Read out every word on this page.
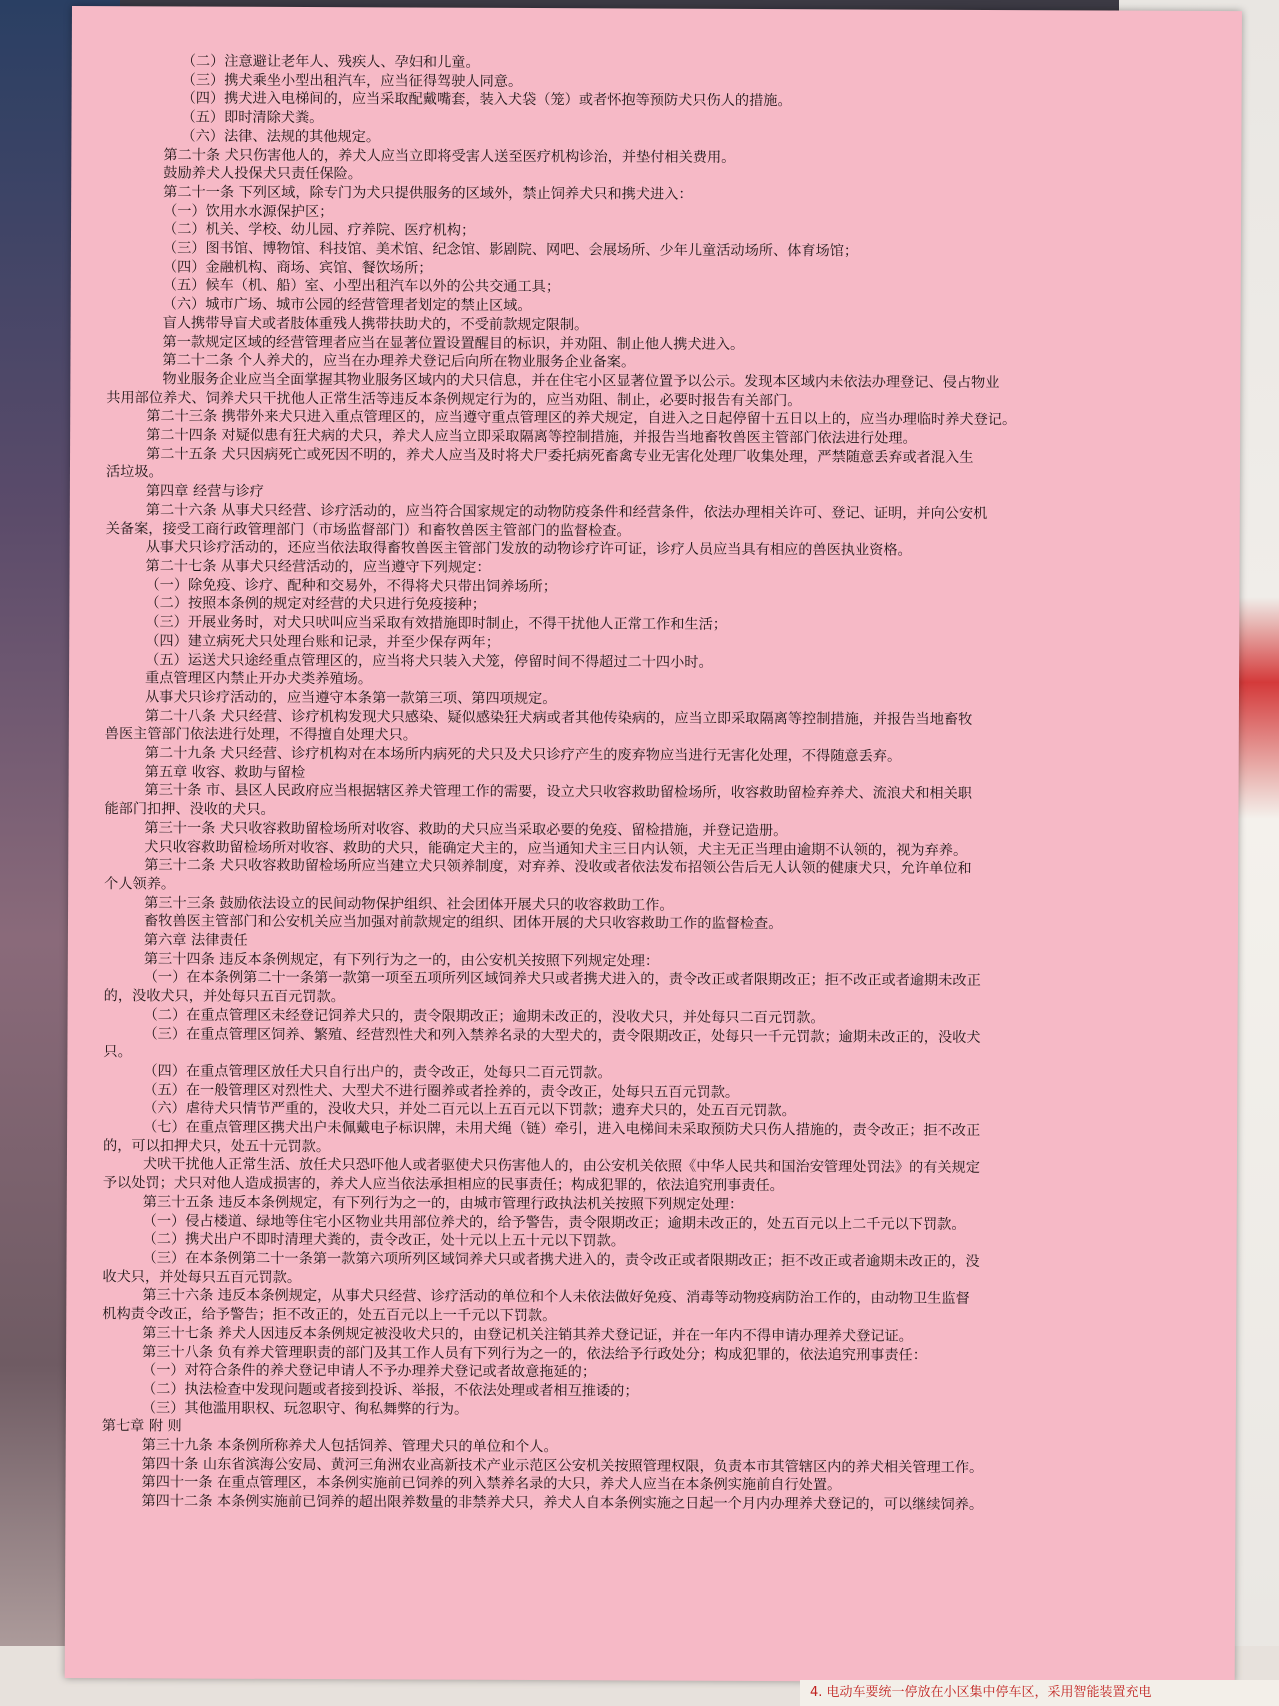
（二）注意避让老年人、残疾人、孕妇和儿童。

（三）携犬乘坐小型出租汽车，应当征得驾驶人同意。

（四）携犬进入电梯间的，应当采取配戴嘴套，装入犬袋（笼）或者怀抱等预防犬只伤人的措施。

（五）即时清除犬粪。

（六）法律、法规的其他规定。

第二十条 犬只伤害他人的，养犬人应当立即将受害人送至医疗机构诊治，并垫付相关费用。

鼓励养犬人投保犬只责任保险。

第二十一条 下列区域，除专门为犬只提供服务的区域外，禁止饲养犬只和携犬进入：

（一）饮用水水源保护区；

（二）机关、学校、幼儿园、疗养院、医疗机构；

（三）图书馆、博物馆、科技馆、美术馆、纪念馆、影剧院、网吧、会展场所、少年儿童活动场所、体育场馆；

（四）金融机构、商场、宾馆、餐饮场所；

（五）候车（机、船）室、小型出租汽车以外的公共交通工具；

（六）城市广场、城市公园的经营管理者划定的禁止区域。

盲人携带导盲犬或者肢体重残人携带扶助犬的，不受前款规定限制。

第一款规定区域的经营管理者应当在显著位置设置醒目的标识，并劝阻、制止他人携犬进入。

第二十二条 个人养犬的，应当在办理养犬登记后向所在物业服务企业备案。

物业服务企业应当全面掌握其物业服务区域内的犬只信息，并在住宅小区显著位置予以公示。发现本区域内未依法办理登记、侵占物业

共用部位养犬、饲养犬只干扰他人正常生活等违反本条例规定行为的，应当劝阻、制止，必要时报告有关部门。

第二十三条 携带外来犬只进入重点管理区的，应当遵守重点管理区的养犬规定，自进入之日起停留十五日以上的，应当办理临时养犬登记。

第二十四条 对疑似患有狂犬病的犬只，养犬人应当立即采取隔离等控制措施，并报告当地畜牧兽医主管部门依法进行处理。

第二十五条 犬只因病死亡或死因不明的，养犬人应当及时将犬尸委托病死畜禽专业无害化处理厂收集处理，严禁随意丢弃或者混入生

活垃圾。

第四章 经营与诊疗

第二十六条 从事犬只经营、诊疗活动的，应当符合国家规定的动物防疫条件和经营条件，依法办理相关许可、登记、证明，并向公安机

关备案，接受工商行政管理部门（市场监督部门）和畜牧兽医主管部门的监督检查。

从事犬只诊疗活动的，还应当依法取得畜牧兽医主管部门发放的动物诊疗许可证，诊疗人员应当具有相应的兽医执业资格。

第二十七条 从事犬只经营活动的，应当遵守下列规定：

（一）除免疫、诊疗、配种和交易外，不得将犬只带出饲养场所；

（二）按照本条例的规定对经营的犬只进行免疫接种；

（三）开展业务时，对犬只吠叫应当采取有效措施即时制止，不得干扰他人正常工作和生活；

（四）建立病死犬只处理台账和记录，并至少保存两年；

（五）运送犬只途经重点管理区的，应当将犬只装入犬笼，停留时间不得超过二十四小时。

重点管理区内禁止开办犬类养殖场。

从事犬只诊疗活动的，应当遵守本条第一款第三项、第四项规定。

第二十八条 犬只经营、诊疗机构发现犬只感染、疑似感染狂犬病或者其他传染病的，应当立即采取隔离等控制措施，并报告当地畜牧

兽医主管部门依法进行处理，不得擅自处理犬只。

第二十九条 犬只经营、诊疗机构对在本场所内病死的犬只及犬只诊疗产生的废弃物应当进行无害化处理，不得随意丢弃。

第五章 收容、救助与留检

第三十条 市、县区人民政府应当根据辖区养犬管理工作的需要，设立犬只收容救助留检场所，收容救助留检弃养犬、流浪犬和相关职

能部门扣押、没收的犬只。

第三十一条 犬只收容救助留检场所对收容、救助的犬只应当采取必要的免疫、留检措施，并登记造册。

犬只收容救助留检场所对收容、救助的犬只，能确定犬主的，应当通知犬主三日内认领，犬主无正当理由逾期不认领的，视为弃养。

第三十二条 犬只收容救助留检场所应当建立犬只领养制度，对弃养、没收或者依法发布招领公告后无人认领的健康犬只，允许单位和

个人领养。

第三十三条 鼓励依法设立的民间动物保护组织、社会团体开展犬只的收容救助工作。

畜牧兽医主管部门和公安机关应当加强对前款规定的组织、团体开展的犬只收容救助工作的监督检查。

第六章 法律责任

第三十四条 违反本条例规定，有下列行为之一的，由公安机关按照下列规定处理：

（一）在本条例第二十一条第一款第一项至五项所列区域饲养犬只或者携犬进入的，责令改正或者限期改正；拒不改正或者逾期未改正

的，没收犬只，并处每只五百元罚款。

（二）在重点管理区未经登记饲养犬只的，责令限期改正；逾期未改正的，没收犬只，并处每只二百元罚款。

（三）在重点管理区饲养、繁殖、经营烈性犬和列入禁养名录的大型犬的，责令限期改正，处每只一千元罚款；逾期未改正的，没收犬

只。

（四）在重点管理区放任犬只自行出户的，责令改正，处每只二百元罚款。

（五）在一般管理区对烈性犬、大型犬不进行圈养或者拴养的，责令改正，处每只五百元罚款。

（六）虐待犬只情节严重的，没收犬只，并处二百元以上五百元以下罚款；遗弃犬只的，处五百元罚款。

（七）在重点管理区携犬出户未佩戴电子标识牌，未用犬绳（链）牵引，进入电梯间未采取预防犬只伤人措施的，责令改正；拒不改正

的，可以扣押犬只，处五十元罚款。

犬吠干扰他人正常生活、放任犬只恐吓他人或者驱使犬只伤害他人的，由公安机关依照《中华人民共和国治安管理处罚法》的有关规定

予以处罚；犬只对他人造成损害的，养犬人应当依法承担相应的民事责任；构成犯罪的，依法追究刑事责任。

第三十五条 违反本条例规定，有下列行为之一的，由城市管理行政执法机关按照下列规定处理：

（一）侵占楼道、绿地等住宅小区物业共用部位养犬的，给予警告，责令限期改正；逾期未改正的，处五百元以上二千元以下罚款。

（二）携犬出户不即时清理犬粪的，责令改正，处十元以上五十元以下罚款。

（三）在本条例第二十一条第一款第六项所列区域饲养犬只或者携犬进入的，责令改正或者限期改正；拒不改正或者逾期未改正的，没

收犬只，并处每只五百元罚款。

第三十六条 违反本条例规定，从事犬只经营、诊疗活动的单位和个人未依法做好免疫、消毒等动物疫病防治工作的，由动物卫生监督

机构责令改正，给予警告；拒不改正的，处五百元以上一千元以下罚款。

第三十七条 养犬人因违反本条例规定被没收犬只的，由登记机关注销其养犬登记证，并在一年内不得申请办理养犬登记证。

第三十八条 负有养犬管理职责的部门及其工作人员有下列行为之一的，依法给予行政处分；构成犯罪的，依法追究刑事责任：

（一）对符合条件的养犬登记申请人不予办理养犬登记或者故意拖延的；

（二）执法检查中发现问题或者接到投诉、举报，不依法处理或者相互推诿的；

（三）其他滥用职权、玩忽职守、徇私舞弊的行为。

第七章 附 则

第三十九条 本条例所称养犬人包括饲养、管理犬只的单位和个人。

第四十条 山东省滨海公安局、黄河三角洲农业高新技术产业示范区公安机关按照管理权限，负责本市其管辖区内的养犬相关管理工作。

第四十一条 在重点管理区，本条例实施前已饲养的列入禁养名录的大只，养犬人应当在本条例实施前自行处置。

第四十二条 本条例实施前已饲养的超出限养数量的非禁养犬只，养犬人自本条例实施之日起一个月内办理养犬登记的，可以继续饲养。

4. 电动车要统一停放在小区集中停车区，采用智能装置充电
